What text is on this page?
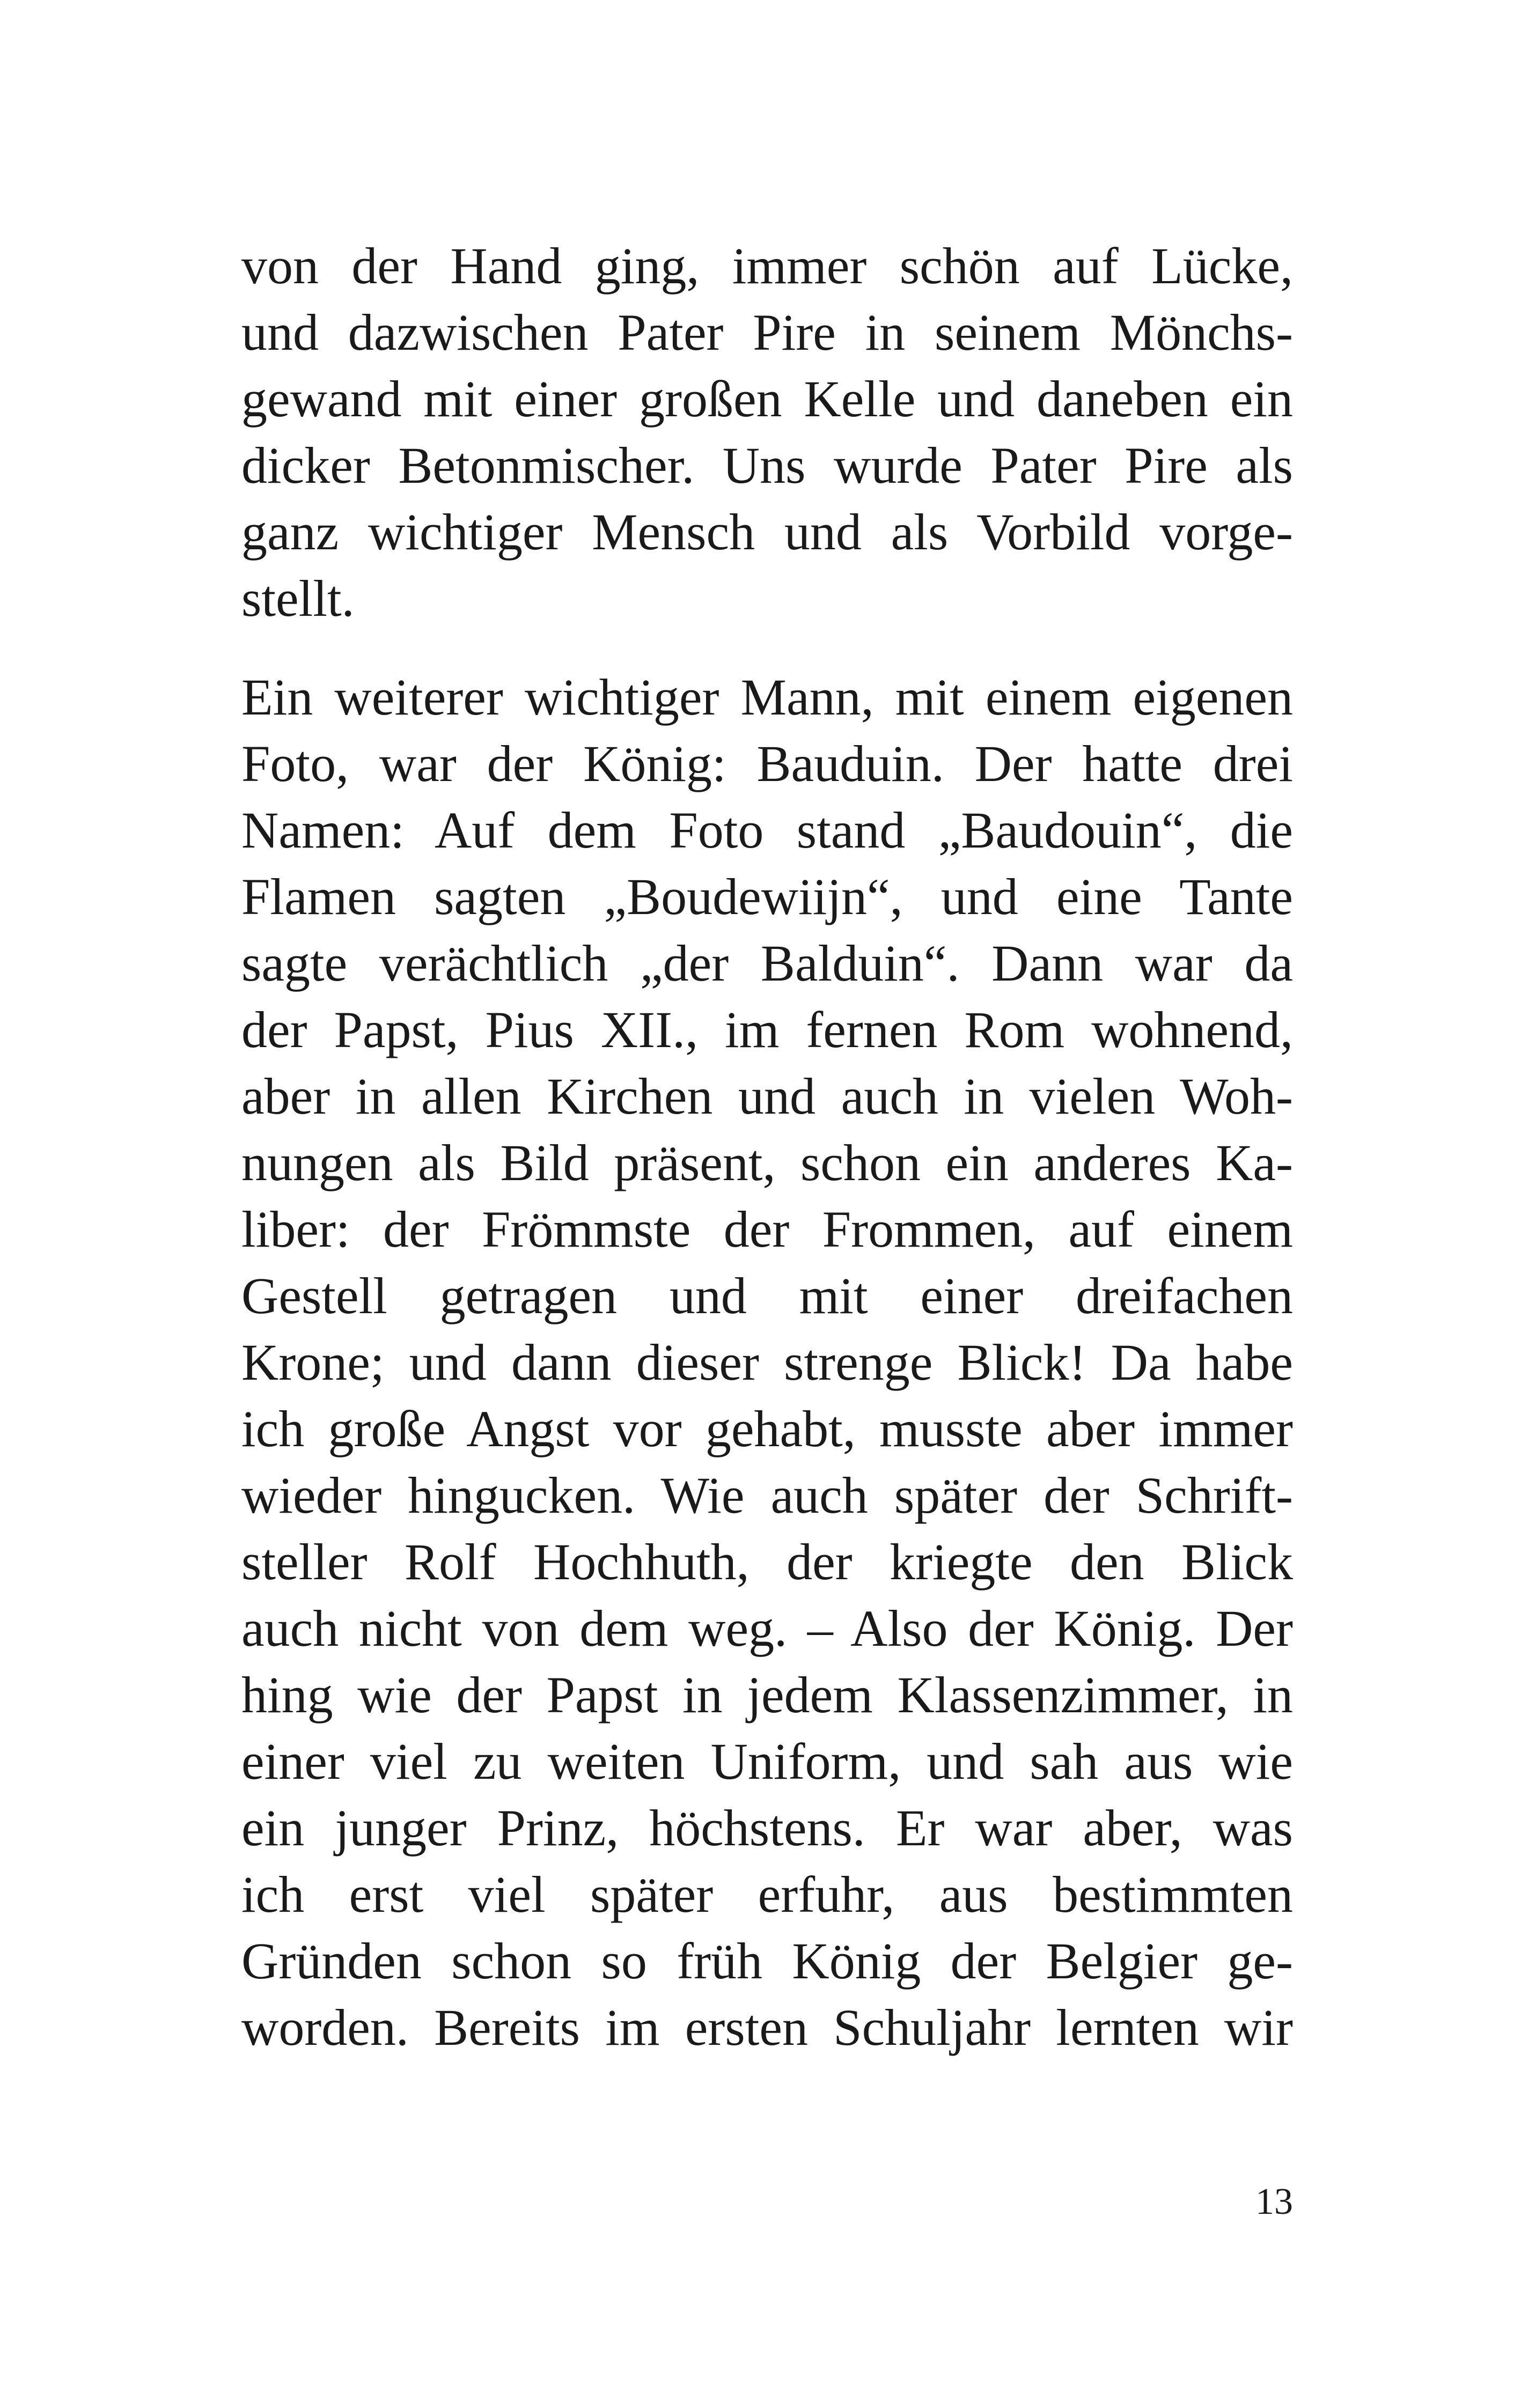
von der Hand ging, immer schön auf Lücke,
und dazwischen Pater Pire in seinem Mönchs-
gewand mit einer großen Kelle und daneben ein
dicker Betonmischer. Uns wurde Pater Pire als
ganz wichtiger Mensch und als Vorbild vorge-
stellt.
Ein weiterer wichtiger Mann, mit einem eigenen
Foto, war der König: Bauduin. Der hatte drei
Namen: Auf dem Foto stand „Baudouin“, die
Flamen sagten „Boudewiijn“, und eine Tante
sagte verächtlich „der Balduin“. Dann war da
der Papst, Pius XII., im fernen Rom wohnend,
aber in allen Kirchen und auch in vielen Woh-
nungen als Bild präsent, schon ein anderes Ka-
liber: der Frömmste der Frommen, auf einem
Gestell getragen und mit einer dreifachen
Krone; und dann dieser strenge Blick! Da habe
ich große Angst vor gehabt, musste aber immer
wieder hingucken. Wie auch später der Schrift-
steller Rolf Hochhuth, der kriegte den Blick
auch nicht von dem weg. – Also der König. Der
hing wie der Papst in jedem Klassenzimmer, in
einer viel zu weiten Uniform, und sah aus wie
ein junger Prinz, höchstens. Er war aber, was
ich erst viel später erfuhr, aus bestimmten
Gründen schon so früh König der Belgier ge-
worden. Bereits im ersten Schuljahr lernten wir
13
